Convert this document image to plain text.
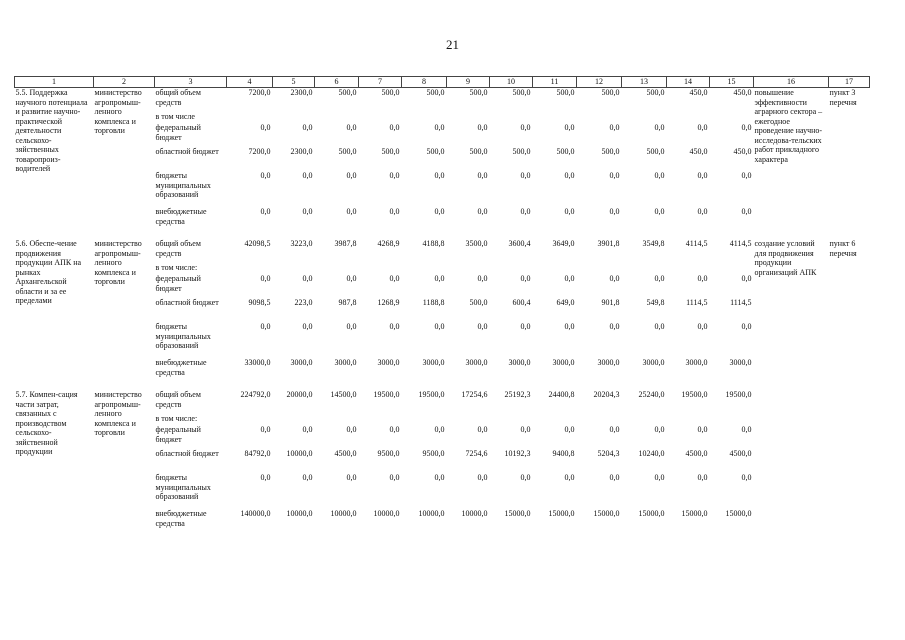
21
1	2	3	4	5	6	7	8	9	10	11	12	13	14	15	16	17
5.5. Поддержка научного потенциала и развитие научно-практической деятельности сельскохо-зяйственных товаропроиз-водителей	министерство агропромыш-ленного комплекса и торговли	общий объем средств	7200,0	2300,0	500,0	500,0	500,0	500,0	500,0	500,0	500,0	500,0	450,0	450,0	повышение эффективности аграрного сектора – ежегодное проведение научно-исследова-тельских работ прикладного характера	пункт 3 перечня
		в том числе														
		федеральный бюджет	0,0	0,0	0,0	0,0	0,0	0,0	0,0	0,0	0,0	0,0	0,0	0,0		
		областной бюджет	7200,0	2300,0	500,0	500,0	500,0	500,0	500,0	500,0	500,0	500,0	450,0	450,0		
		бюджеты муниципальных образований	0,0	0,0	0,0	0,0	0,0	0,0	0,0	0,0	0,0	0,0	0,0	0,0		
		внебюджетные средства	0,0	0,0	0,0	0,0	0,0	0,0	0,0	0,0	0,0	0,0	0,0	0,0		

5.6. Обеспе-чение продвижения продукции АПК на рынках Архангельской области и за ее пределами	министерство агропромыш-ленного комплекса и торговли	общий объем средств	42098,5	3223,0	3987,8	4268,9	4188,8	3500,0	3600,4	3649,0	3901,8	3549,8	4114,5	4114,5	создание условий для продвижения продукции организаций АПК	пункт 6 перечня
		в том числе:														
		федеральный бюджет	0,0	0,0	0,0	0,0	0,0	0,0	0,0	0,0	0,0	0,0	0,0	0,0		
		областной бюджет	9098,5	223,0	987,8	1268,9	1188,8	500,0	600,4	649,0	901,8	549,8	1114,5	1114,5		
		бюджеты муниципальных образований	0,0	0,0	0,0	0,0	0,0	0,0	0,0	0,0	0,0	0,0	0,0	0,0		
		внебюджетные средства	33000,0	3000,0	3000,0	3000,0	3000,0	3000,0	3000,0	3000,0	3000,0	3000,0	3000,0	3000,0		

5.7. Компен-сация части затрат, связанных с производством сельскохо-зяйственной продукции	министерство агропромыш-ленного комплекса и торговли	общий объем средств	224792,0	20000,0	14500,0	19500,0	19500,0	17254,6	25192,3	24400,8	20204,3	25240,0	19500,0	19500,0		
		в том числе:														
		федеральный бюджет	0,0	0,0	0,0	0,0	0,0	0,0	0,0	0,0	0,0	0,0	0,0	0,0		
		областной бюджет	84792,0	10000,0	4500,0	9500,0	9500,0	7254,6	10192,3	9400,8	5204,3	10240,0	4500,0	4500,0		
		бюджеты муниципальных образований	0,0	0,0	0,0	0,0	0,0	0,0	0,0	0,0	0,0	0,0	0,0	0,0		
		внебюджетные средства	140000,0	10000,0	10000,0	10000,0	10000,0	10000,0	15000,0	15000,0	15000,0	15000,0	15000,0	15000,0		
